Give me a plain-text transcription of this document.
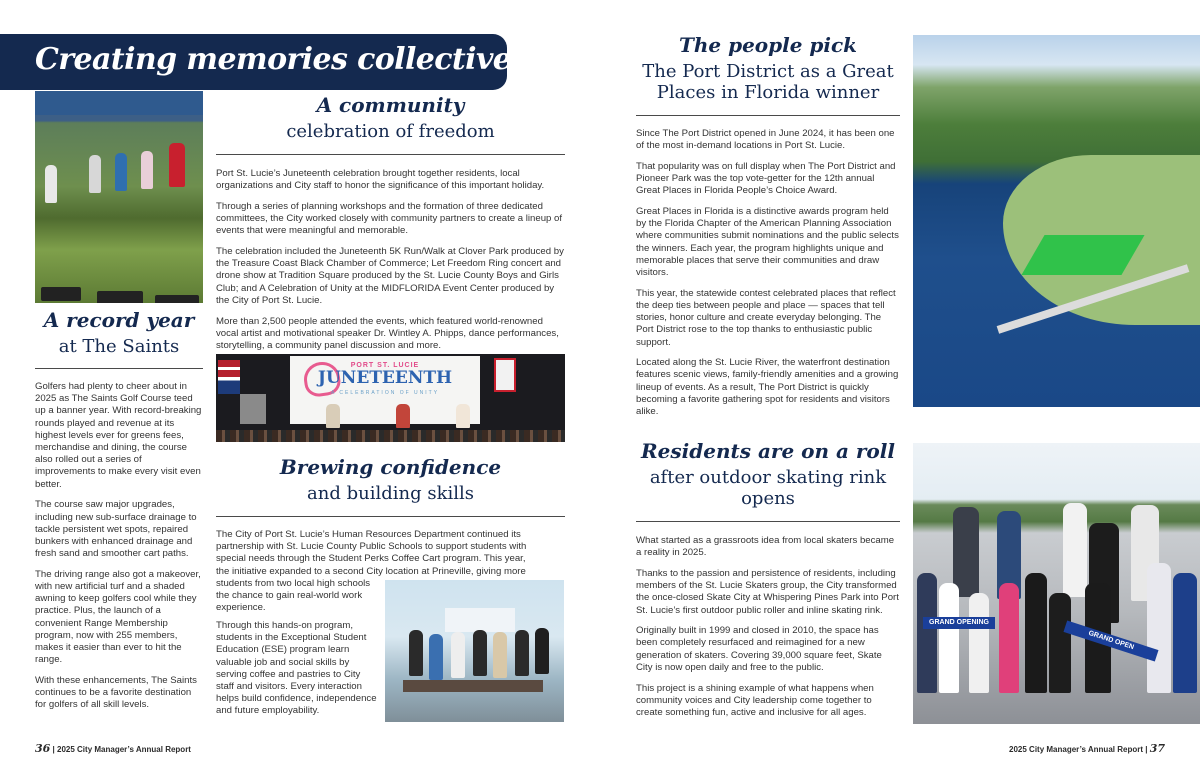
Creating memories collectively
A record year
at The Saints

Golfers had plenty to cheer about in 2025 as The Saints Golf Course teed up a banner year. With record-breaking rounds played and revenue at its highest levels ever for greens fees, merchandise and dining, the course also rolled out a series of improvements to make every visit even better.

The course saw major upgrades, including new sub-surface drainage to tackle persistent wet spots, repaired bunkers with enhanced drainage and fresh sand and smoother cart paths.

The driving range also got a makeover, with new artificial turf and a shaded awning to keep golfers cool while they practice. Plus, the launch of a convenient Range Membership program, now with 255 members, makes it easier than ever to hit the range.

With these enhancements, The Saints continues to be a favorite destination for golfers of all skill levels.

A community
celebration of freedom

Port St. Lucie’s Juneteenth celebration brought together residents, local organizations and City staff to honor the significance of this important holiday.

Through a series of planning workshops and the formation of three dedicated committees, the City worked closely with community partners to create a lineup of events that were meaningful and memorable.

The celebration included the Juneteenth 5K Run/Walk at Clover Park produced by the Treasure Coast Black Chamber of Commerce; Let Freedom Ring concert and drone show at Tradition Square produced by the St. Lucie County Boys and Girls Club; and A Celebration of Unity at the MIDFLORIDA Event Center produced by the City of Port St. Lucie.

More than 2,500 people attended the events, which featured world-renowned vocal artist and motivational speaker Dr. Wintley A. Phipps, dance performances, storytelling, a community panel discussion and more.

PORT ST. LUCIE
JUNETEENTH
A CELEBRATION OF UNITY
Brewing confidence
and building skills
The City of Port St. Lucie’s Human Resources Department continued its
partnership with St. Lucie County Public Schools to support students with
special needs through the Student Perks Coffee Cart program. This year,
the initiative expanded to a second City location at Prineville, giving more
students from two local high schools
the chance to gain real-world work
experience.
Through this hands-on program,
students in the Exceptional Student
Education (ESE) program learn
valuable job and social skills by
serving coffee and pastries to City
staff and visitors. Every interaction
helps build confidence, independence
and future employability.
The people pick
The Port District as a Great Places in Florida winner

Since The Port District opened in June 2024, it has been one of the most in-demand locations in Port St. Lucie.

That popularity was on full display when The Port District and Pioneer Park was the top vote-getter for the 12th annual Great Places in Florida People’s Choice Award.

Great Places in Florida is a distinctive awards program held by the Florida Chapter of the American Planning Association where communities submit nominations and the public selects the winners. Each year, the program highlights unique and memorable places that serve their communities and draw visitors.

This year, the statewide contest celebrated places that reflect the deep ties between people and place — spaces that tell stories, honor culture and create everyday belonging. The Port District rose to the top thanks to enthusiastic public support.

Located along the St. Lucie River, the waterfront destination features scenic views, family-friendly amenities and a growing lineup of events. As a result, The Port District is quickly becoming a favorite gathering spot for residents and visitors alike.

Residents are on a roll
after outdoor skating rink opens

What started as a grassroots idea from local skaters became a reality in 2025.

Thanks to the passion and persistence of residents, including members of the St. Lucie Skaters group, the City transformed the once-closed Skate City at Whispering Pines Park into Port St. Lucie’s first outdoor public roller and inline skating rink.

Originally built in 1999 and closed in 2010, the space has been completely resurfaced and reimagined for a new generation of skaters. Covering 39,000 square feet, Skate City is now open daily and free to the public.

This project is a shining example of what happens when community voices and City leadership come together to create something fun, active and inclusive for all ages.

GRAND OPENING
GRAND OPEN
36 | 2025 City Manager’s Annual Report	2025 City Manager’s Annual Report | 37
